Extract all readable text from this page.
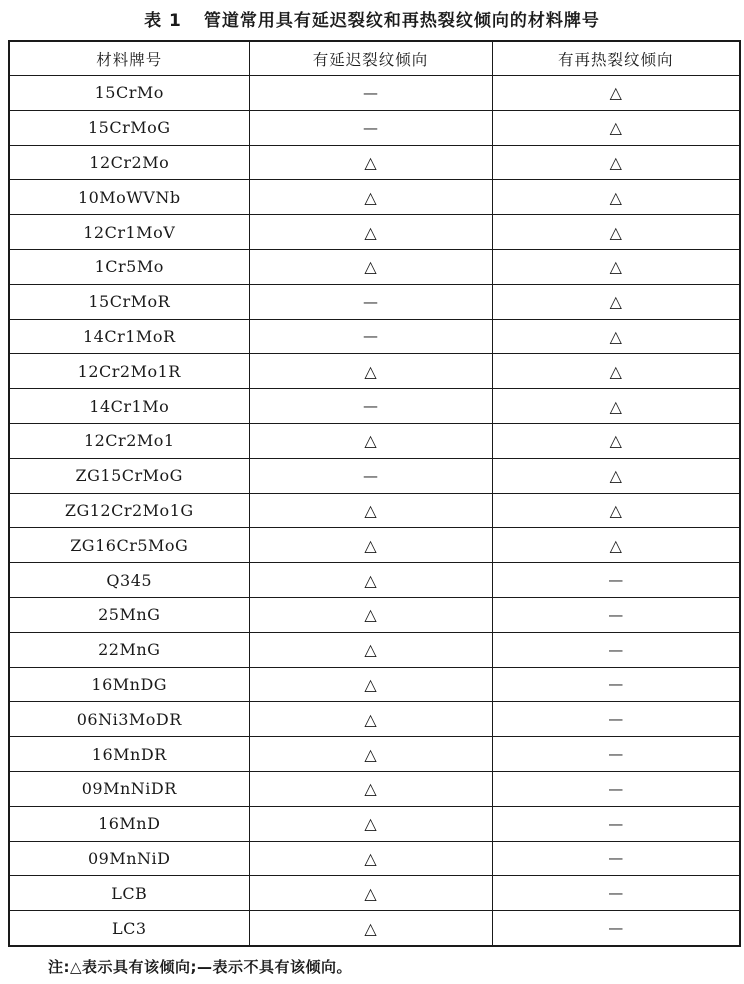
表 1 管道常用具有延迟裂纹和再热裂纹倾向的材料牌号
材料牌号	有延迟裂纹倾向	有再热裂纹倾向
15CrMo	—	△
15CrMoG	—	△
12Cr2Mo	△	△
10MoWVNb	△	△
12Cr1MoV	△	△
1Cr5Mo	△	△
15CrMoR	—	△
14Cr1MoR	—	△
12Cr2Mo1R	△	△
14Cr1Mo	—	△
12Cr2Mo1	△	△
ZG15CrMoG	—	△
ZG12Cr2Mo1G	△	△
ZG16Cr5MoG	△	△
Q345	△	—
25MnG	△	—
22MnG	△	—
16MnDG	△	—
06Ni3MoDR	△	—
16MnDR	△	—
09MnNiDR	△	—
16MnD	△	—
09MnNiD	△	—
LCB	△	—
LC3	△	—
注:△表示具有该倾向;—表示不具有该倾向。
